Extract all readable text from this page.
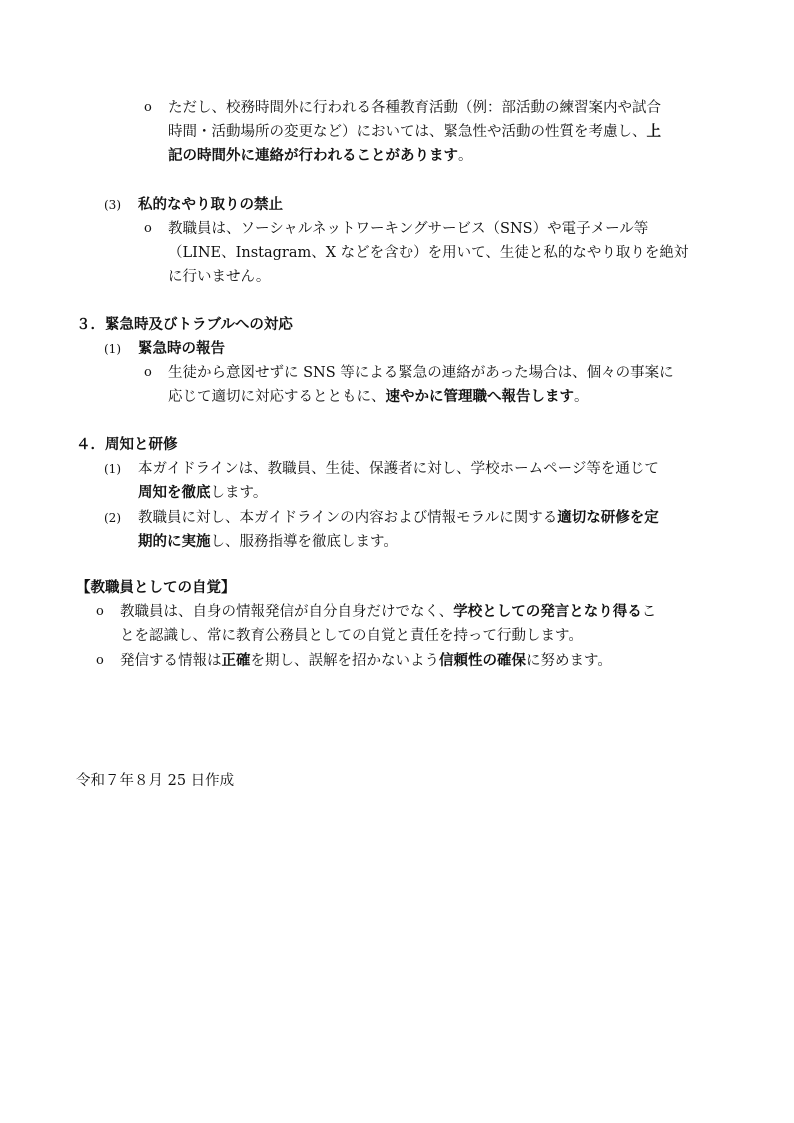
o	ただし、校務時間外に行われる各種教育活動（例：部活動の練習案内や試合
時間・活動場所の変更など）においては、緊急性や活動の性質を考慮し、上
記の時間外に連絡が行われることがあります。
(3)	私的なやり取りの禁止
o	教職員は、ソーシャルネットワーキングサービス（SNS）や電子メール等
（LINE、Instagram、X などを含む）を用いて、生徒と私的なやり取りを絶対
に行いません。
３．緊急時及びトラブルへの対応
(1)	緊急時の報告
o	生徒から意図せずに SNS 等による緊急の連絡があった場合は、個々の事案に
応じて適切に対応するとともに、速やかに管理職へ報告します。
４．周知と研修
(1)	本ガイドラインは、教職員、生徒、保護者に対し、学校ホームページ等を通じて
周知を徹底します。
(2)	教職員に対し、本ガイドラインの内容および情報モラルに関する適切な研修を定
期的に実施し、服務指導を徹底します。
【教職員としての自覚】
o	教職員は、自身の情報発信が自分自身だけでなく、学校としての発言となり得るこ
とを認識し、常に教育公務員としての自覚と責任を持って行動します。
o	発信する情報は正確を期し、誤解を招かないよう信頼性の確保に努めます。
令和７年８月 25 日作成
